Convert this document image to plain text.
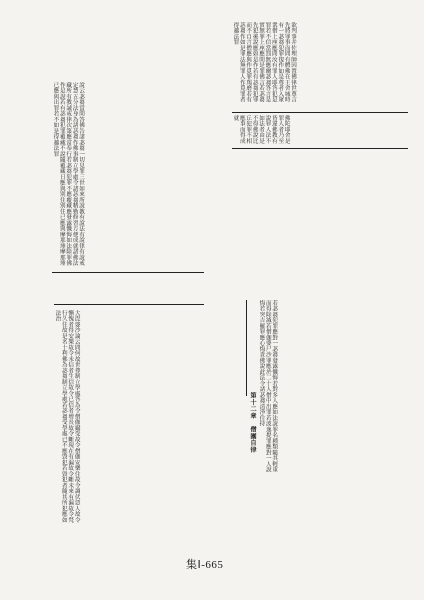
欲判事并佐理師因置佛律世尊言先將罪事而問有體佛在王舍城時有一苾芻犯罪復作如是尊者入眾衆僧上座應問汝有罪人耶答犯是罪若不信當罰無應爾苾芻答言是實無罪上座應問是罪佛言若苾芻先犯後說應如是作若有苾芻犯罪而不自言僧應與作覓罪羯磨若有苾芻作如是罪法無罪人作覓罪者得越法罪

佛陀耶舍是罪人者乃至皆違佛教有說罪人法不如法者由是不得佛說比丘犯罪不相應事而得成就

說云苾芻當問答佛告諸苾芻一切見罪三世如來所說教有說法有說律有說戒定慧五分法身為諸苾芻作佛事制立學處令諸苾芻精勤修習方便成就諸佛法藏所有教誡戒律次第應當奉行若苾芻犯罪不應覆藏應發露懺悔如法除罪佛作是說若有苾芻犯罪覆藏不說隨覆藏日應與別住別住已應與摩那埵摩那埵已應與出罪若不如是得越法罪

第十二章　僧團自律	若苾芻犯罪應對一苾芻發露懺悔若對多人應如法說罪名種類隨其輕重而得除滅若僧伽婆尸沙罪應於二十人僧中出罪若波逸提罪應對一人說悔若突吉羅罪應心悔責佛說此法令諸苾芻清淨住持

大毘婆沙論云問何故世尊制立學處答為令僧伽攝受故令僧伽安樂住故令調伏惡人故令慚愧者得安樂故令未信者生信故令已信者增長故令斷現在有漏故令斷未來有漏故令梵行久住故是名十利佛為苾芻制立學處若苾芻受學處已不應毀犯若毀犯者隨其所犯應如法治

集Ⅰ-665
